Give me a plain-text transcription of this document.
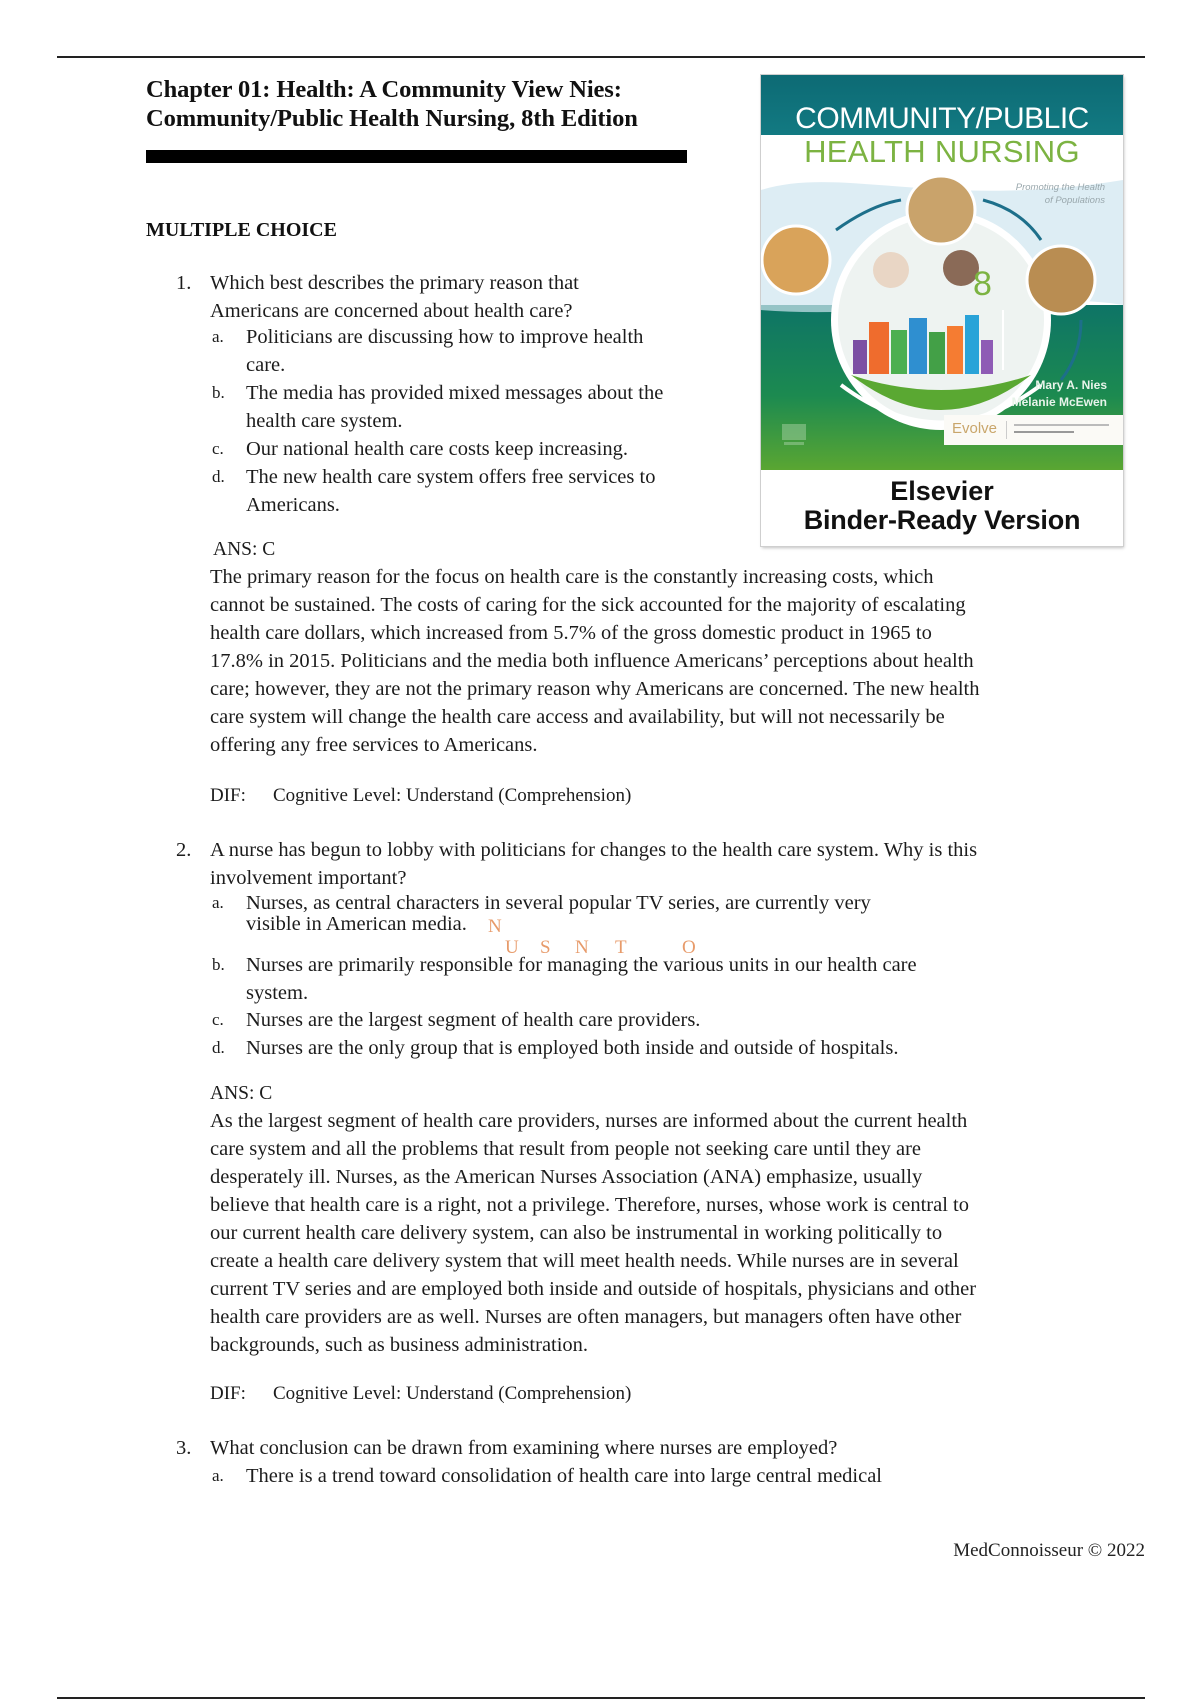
Chapter 01: Health: A Community View Nies:
Community/Public Health Nursing, 8th Edition
MULTIPLE CHOICE
COMMUNITY/PUBLIC
HEALTH NURSING
8
Promoting the Health
of Populations
Mary A. Nies
Melanie McEwen
Evolve
Elsevier
Binder-Ready Version
1. Which best describes the primary reason that
Americans are concerned about health care?
a. Politicians are discussing how to improve health
care.
b. The media has provided mixed messages about the
health care system.
c. Our national health care costs keep increasing.
d. The new health care system offers free services to
Americans.
ANS: C
The primary reason for the focus on health care is the constantly increasing costs, which
cannot be sustained. The costs of caring for the sick accounted for the majority of escalating
health care dollars, which increased from 5.7% of the gross domestic product in 1965 to
17.8% in 2015. Politicians and the media both influence Americans’ perceptions about health
care; however, they are not the primary reason why Americans are concerned. The new health
care system will change the health care access and availability, but will not necessarily be
offering any free services to Americans.
DIF: Cognitive Level: Understand (Comprehension)
2. A nurse has begun to lobby with politicians for changes to the health care system. Why is this
involvement important?
a. Nurses, as central characters in several popular TV series, are currently very
visible in American media.
b. Nurses are primarily responsible for managing the various units in our health care
system.
c. Nurses are the largest segment of health care providers.
d. Nurses are the only group that is employed both inside and outside of hospitals.
ANS: C
As the largest segment of health care providers, nurses are informed about the current health
care system and all the problems that result from people not seeking care until they are
desperately ill. Nurses, as the American Nurses Association (ANA) emphasize, usually
believe that health care is a right, not a privilege. Therefore, nurses, whose work is central to
our current health care delivery system, can also be instrumental in working politically to
create a health care delivery system that will meet health needs. While nurses are in several
current TV series and are employed both inside and outside of hospitals, physicians and other
health care providers are as well. Nurses are often managers, but managers often have other
backgrounds, such as business administration.
DIF: Cognitive Level: Understand (Comprehension)
N
U S N T	O
3. What conclusion can be drawn from examining where nurses are employed?
a. There is a trend toward consolidation of health care into large central medical
MedConnoisseur © 2022
